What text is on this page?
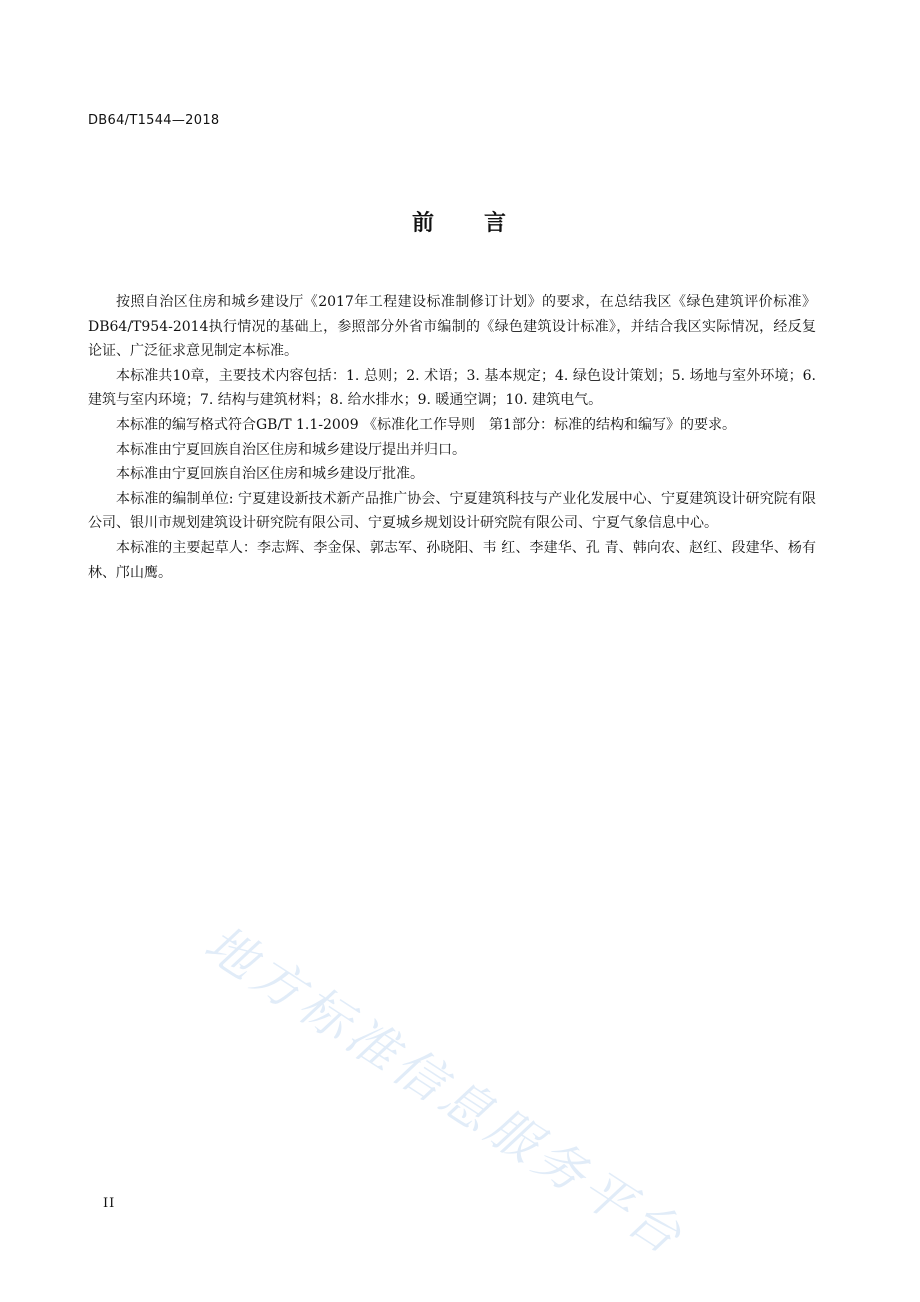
DB64/T1544—2018
前 言

按照自治区住房和城乡建设厅《2017年工程建设标准制修订计划》的要求，在总结我区《绿色建筑评价标准》DB64/T954-2014执行情况的基础上，参照部分外省市编制的《绿色建筑设计标准》，并结合我区实际情况，经反复论证、广泛征求意见制定本标准。

本标准共10章，主要技术内容包括：1. 总则；2. 术语；3. 基本规定；4. 绿色设计策划；5. 场地与室外环境；6. 建筑与室内环境；7. 结构与建筑材料；8. 给水排水；9. 暖通空调；10. 建筑电气。

本标准的编写格式符合GB/T 1.1-2009 《标准化工作导则　第1部分：标准的结构和编写》的要求。

本标准由宁夏回族自治区住房和城乡建设厅提出并归口。

本标准由宁夏回族自治区住房和城乡建设厅批准。

本标准的编制单位: 宁夏建设新技术新产品推广协会、宁夏建筑科技与产业化发展中心、宁夏建筑设计研究院有限公司、银川市规划建筑设计研究院有限公司、宁夏城乡规划设计研究院有限公司、宁夏气象信息中心。

本标准的主要起草人：李志辉、李金保、郭志军、孙晓阳、韦 红、李建华、孔 青、韩向农、赵红、段建华、杨有林、邝山鹰。

地方标准信息服务平台
II
